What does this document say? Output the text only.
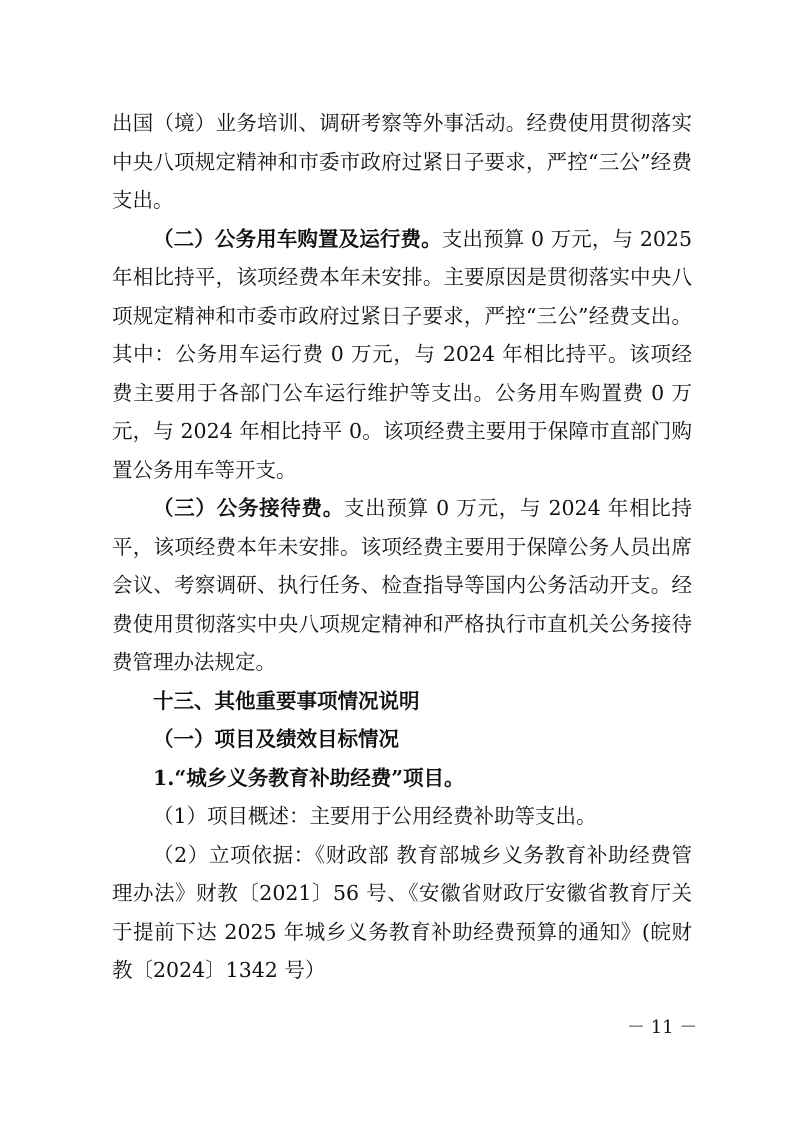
出国（境）业务培训、调研考察等外事活动。经费使用贯彻落实中央八项规定精神和市委市政府过紧日子要求，严控“三公”经费支出。

（二）公务用车购置及运行费。支出预算 0 万元，与 2025 年相比持平，该项经费本年未安排。主要原因是贯彻落实中央八项规定精神和市委市政府过紧日子要求，严控“三公”经费支出。其中：公务用车运行费 0 万元，与 2024 年相比持平。该项经费主要用于各部门公车运行维护等支出。公务用车购置费 0 万元，与 2024 年相比持平 0。该项经费主要用于保障市直部门购置公务用车等开支。

（三）公务接待费。支出预算 0 万元，与 2024 年相比持平，该项经费本年未安排。该项经费主要用于保障公务人员出席会议、考察调研、执行任务、检查指导等国内公务活动开支。经费使用贯彻落实中央八项规定精神和严格执行市直机关公务接待费管理办法规定。

十三、其他重要事项情况说明

（一）项目及绩效目标情况

1.“城乡义务教育补助经费”项目。

（1）项目概述：主要用于公用经费补助等支出。

（2）立项依据：《财政部 教育部城乡义务教育补助经费管理办法》财教〔2021〕56 号、《安徽省财政厅安徽省教育厅关于提前下达 2025 年城乡义务教育补助经费预算的通知》(皖财教〔2024〕1342 号）

－ 11 －
